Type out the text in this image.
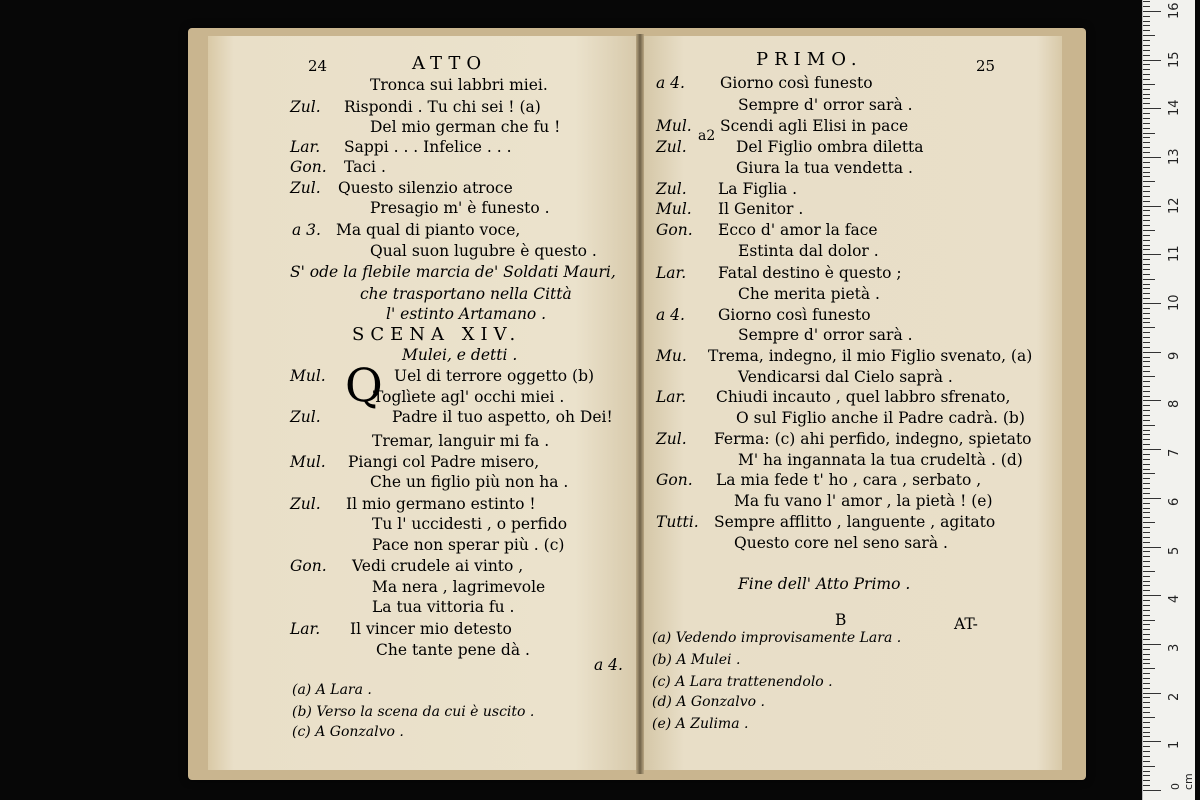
24	ATTO
Tronca sui labbri miei.
Zul. Rispondi . Tu chi sei ! (a)
Del mio german che fu !
Lar. Sappi . . . Infelice . . .
Gon. Taci .
Zul. Questo silenzio atroce
Presagio m' è funesto .
a 3. Ma qual di pianto voce,
Qual suon lugubre è questo .
S' ode la flebile marcia de' Soldati Mauri,
che trasportano nella Città
l' estinto Artamano .
SCENA XIV.
Mulei, e detti .
Mul.	Uel di terrore oggetto (b)
Toglìete agl' occhi miei .
Zul.	Padre il tuo aspetto, oh Dei!
Tremar, languir mi fa .
Mul. Piangi col Padre misero,
Che un figlio più non ha .
Zul. Il mio germano estinto !
Tu l' uccidesti , o perfido
Pace non sperar più . (c)
Gon. Vedi crudele ai vinto ,
Ma nera , lagrimevole
La tua vittoria fu .
Lar. Il vincer mio detesto
Che tante pene dà .
Q
a 4.
(a) A Lara .
(b) Verso la scena da cui è uscito .
(c) A Gonzalvo .
PRIMO.	25
a 4. Giorno così funesto
Sempre d' orror sarà .
Mul. Scendi agli Elisi in pace
Zul.	Del Figlio ombra diletta
Giura la tua vendetta .
Zul. La Figlia .
Mul. Il Genitor .
Gon. Ecco d' amor la face
Estinta dal dolor .
Lar. Fatal destino è questo ;
Che merita pietà .
a 4. Giorno così funesto
Sempre d' orror sarà .
Mu. Trema, indegno, il mio Figlio svenato, (a)
Vendicarsi dal Cielo saprà .
Lar. Chiudi incauto , quel labbro sfrenato,
O sul Figlio anche il Padre cadrà. (b)
Zul. Ferma: (c) ahi perfido, indegno, spietato
M' ha ingannata la tua crudeltà . (d)
Gon. La mia fede t' ho , cara , serbato ,
Ma fu vano l' amor , la pietà ! (e)
Tutti. Sempre afflitto , languente , agitato
Questo core nel seno sarà .
Fine dell' Atto Primo .
a2
B	AT-
(a) Vedendo improvisamente Lara .
(b) A Mulei .
(c) A Lara trattenendolo .
(d) A Gonzalvo .
(e) A Zulima .
0 cm
1
2
3
4
5
6
7
8
9
10
11
12
13
14
15
16
